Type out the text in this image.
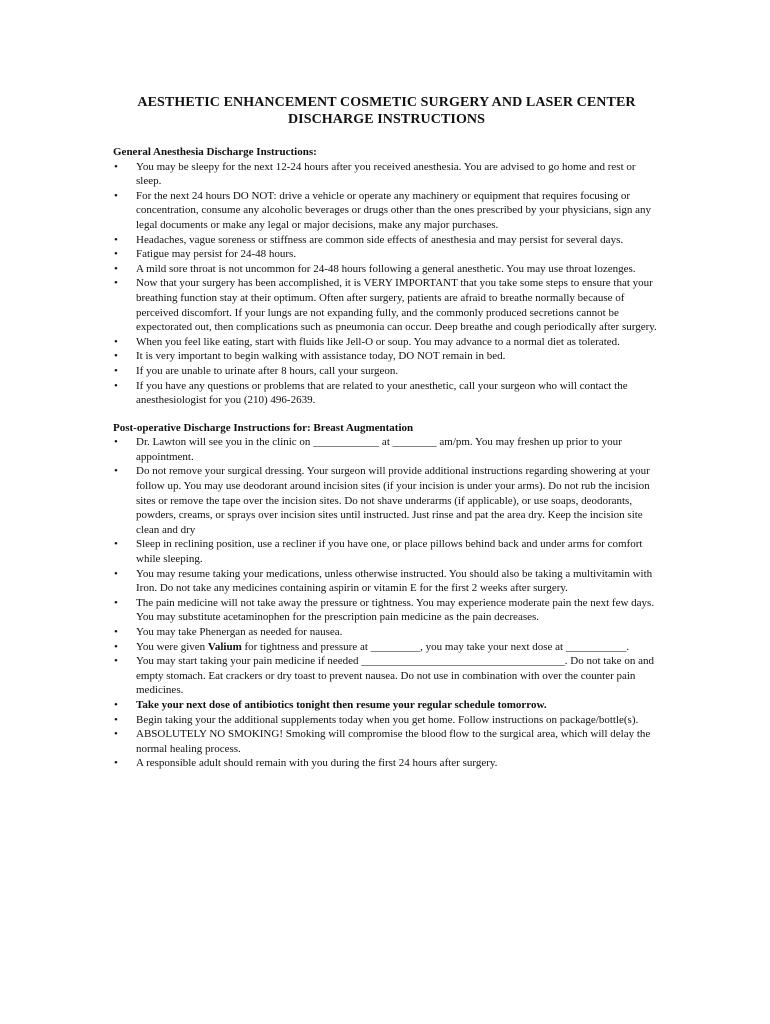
AESTHETIC ENHANCEMENT COSMETIC SURGERY AND LASER CENTER
DISCHARGE INSTRUCTIONS
General Anesthesia Discharge Instructions:
• You may be sleepy for the next 12-24 hours after you received anesthesia. You are advised to go home and rest or sleep.
• For the next 24 hours DO NOT: drive a vehicle or operate any machinery or equipment that requires focusing or concentration, consume any alcoholic beverages or drugs other than the ones prescribed by your physicians, sign any legal documents or make any legal or major decisions, make any major purchases.
• Headaches, vague soreness or stiffness are common side effects of anesthesia and may persist for several days.
• Fatigue may persist for 24-48 hours.
• A mild sore throat is not uncommon for 24-48 hours following a general anesthetic. You may use throat lozenges.
• Now that your surgery has been accomplished, it is VERY IMPORTANT that you take some steps to ensure that your breathing function stay at their optimum. Often after surgery, patients are afraid to breathe normally because of perceived discomfort. If your lungs are not expanding fully, and the commonly produced secretions cannot be expectorated out, then complications such as pneumonia can occur. Deep breathe and cough periodically after surgery.
• When you feel like eating, start with fluids like Jell-O or soup. You may advance to a normal diet as tolerated.
• It is very important to begin walking with assistance today, DO NOT remain in bed.
• If you are unable to urinate after 8 hours, call your surgeon.
• If you have any questions or problems that are related to your anesthetic, call your surgeon who will contact the anesthesiologist for you (210) 496-2639.
Post-operative Discharge Instructions for: Breast Augmentation
• Dr. Lawton will see you in the clinic on ____________ at ________ am/pm. You may freshen up prior to your appointment.
• Do not remove your surgical dressing. Your surgeon will provide additional instructions regarding showering at your follow up. You may use deodorant around incision sites (if your incision is under your arms). Do not rub the incision sites or remove the tape over the incision sites. Do not shave underarms (if applicable), or use soaps, deodorants, powders, creams, or sprays over incision sites until instructed. Just rinse and pat the area dry. Keep the incision site clean and dry
• Sleep in reclining position, use a recliner if you have one, or place pillows behind back and under arms for comfort while sleeping.
• You may resume taking your medications, unless otherwise instructed. You should also be taking a multivitamin with Iron. Do not take any medicines containing aspirin or vitamin E for the first 2 weeks after surgery.
• The pain medicine will not take away the pressure or tightness. You may experience moderate pain the next few days. You may substitute acetaminophen for the prescription pain medicine as the pain decreases.
• You may take Phenergan as needed for nausea.
• You were given Valium for tightness and pressure at _________, you may take your next dose at ___________.
• You may start taking your pain medicine if needed _____________________________________. Do not take on and empty stomach. Eat crackers or dry toast to prevent nausea. Do not use in combination with over the counter pain medicines.
• Take your next dose of antibiotics tonight then resume your regular schedule tomorrow.
• Begin taking your the additional supplements today when you get home. Follow instructions on package/bottle(s).
• ABSOLUTELY NO SMOKING! Smoking will compromise the blood flow to the surgical area, which will delay the normal healing process.
• A responsible adult should remain with you during the first 24 hours after surgery.
